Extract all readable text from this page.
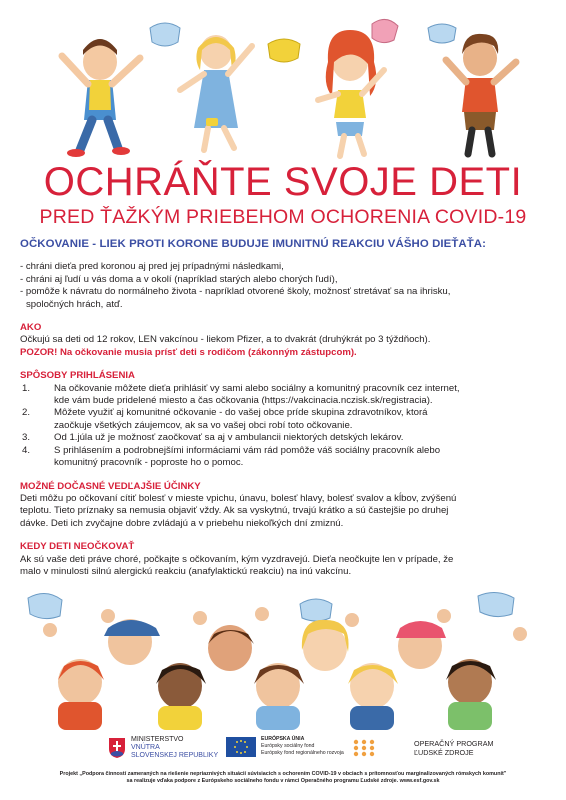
OCHRÁŇTE SVOJE DETI
PRED ŤAŽKÝM PRIEBEHOM OCHORENIA COVID-19
OČKOVANIE - LIEK PROTI KORONE BUDUJE IMUNITNÚ REAKCIU VÁŠHO DIEŤAŤA:
- chráni dieťa pred koronou aj pred jej prípadnými následkami,
- chráni aj ľudí u vás doma a v okolí (napríklad starých alebo chorých ľudí),
- pomôže k návratu do normálneho života - napríklad otvorené školy, možnosť stretávať sa na ihrisku,
spoločných hrách, atď.
AKO
Očkujú sa deti od 12 rokov, LEN vakcínou - liekom Pfizer, a to dvakrát (druhýkrát po 3 týždňoch).
POZOR! Na očkovanie musia prísť deti s rodičom (zákonným zástupcom).
SPÔSOBY PRIHLÁSENIA
1. Na očkovanie môžete dieťa prihlásiť vy sami alebo sociálny a komunitný pracovník cez internet,
kde vám bude pridelené miesto a čas očkovania (https://vakcinacia.nczisk.sk/registracia).
2. Môžete využiť aj komunitné očkovanie - do vašej obce príde skupina zdravotníkov, ktorá
zaočkuje všetkých záujemcov, ak sa vo vašej obci robí toto očkovanie.
3. Od 1.júla už je možnosť zaočkovať sa aj v ambulancii niektorých detských lekárov.
4. S prihlásením a podrobnejšími informáciami vám rád pomôže váš sociálny pracovník alebo
komunitný pracovník - poproste ho o pomoc.
MOŽNÉ DOČASNÉ VEDĽAJŠIE ÚČINKY
Deti môžu po očkovaní cítiť bolesť v mieste vpichu, únavu, bolesť hlavy, bolesť svalov a kĺbov, zvýšenú
teplotu. Tieto príznaky sa nemusia objaviť vždy. Ak sa vyskytnú, trvajú krátko a sú častejšie po druhej
dávke. Deti ich zvyčajne dobre zvládajú a v priebehu niekoľkých dní zmiznú.
KEDY DETI NEOČKOVAŤ
Ak sú vaše deti práve choré, počkajte s očkovaním, kým vyzdravejú. Dieťa neočkujte len v prípade, že
malo v minulosti silnú alergickú reakciu (anafylaktickú reakciu) na inú vakcínu.
MINISTERSTVO
VNÚTRA
SLOVENSKEJ REPUBLIKY
EURÓPSKA ÚNIA
Európsky sociálny fond
Európsky fond regionálneho rozvoja
OPERAČNÝ PROGRAM
ĽUDSKÉ ZDROJE
Projekt „Podpora činností zameraných na riešenie nepriaznivých situácií súvisiacich s ochorením COVID-19 v obciach s prítomnosťou marginalizovaných rómskych komunít"
sa realizuje vďaka podpore z Európskeho sociálneho fondu v rámci Operačného programu Ľudské zdroje. www.esf.gov.sk
